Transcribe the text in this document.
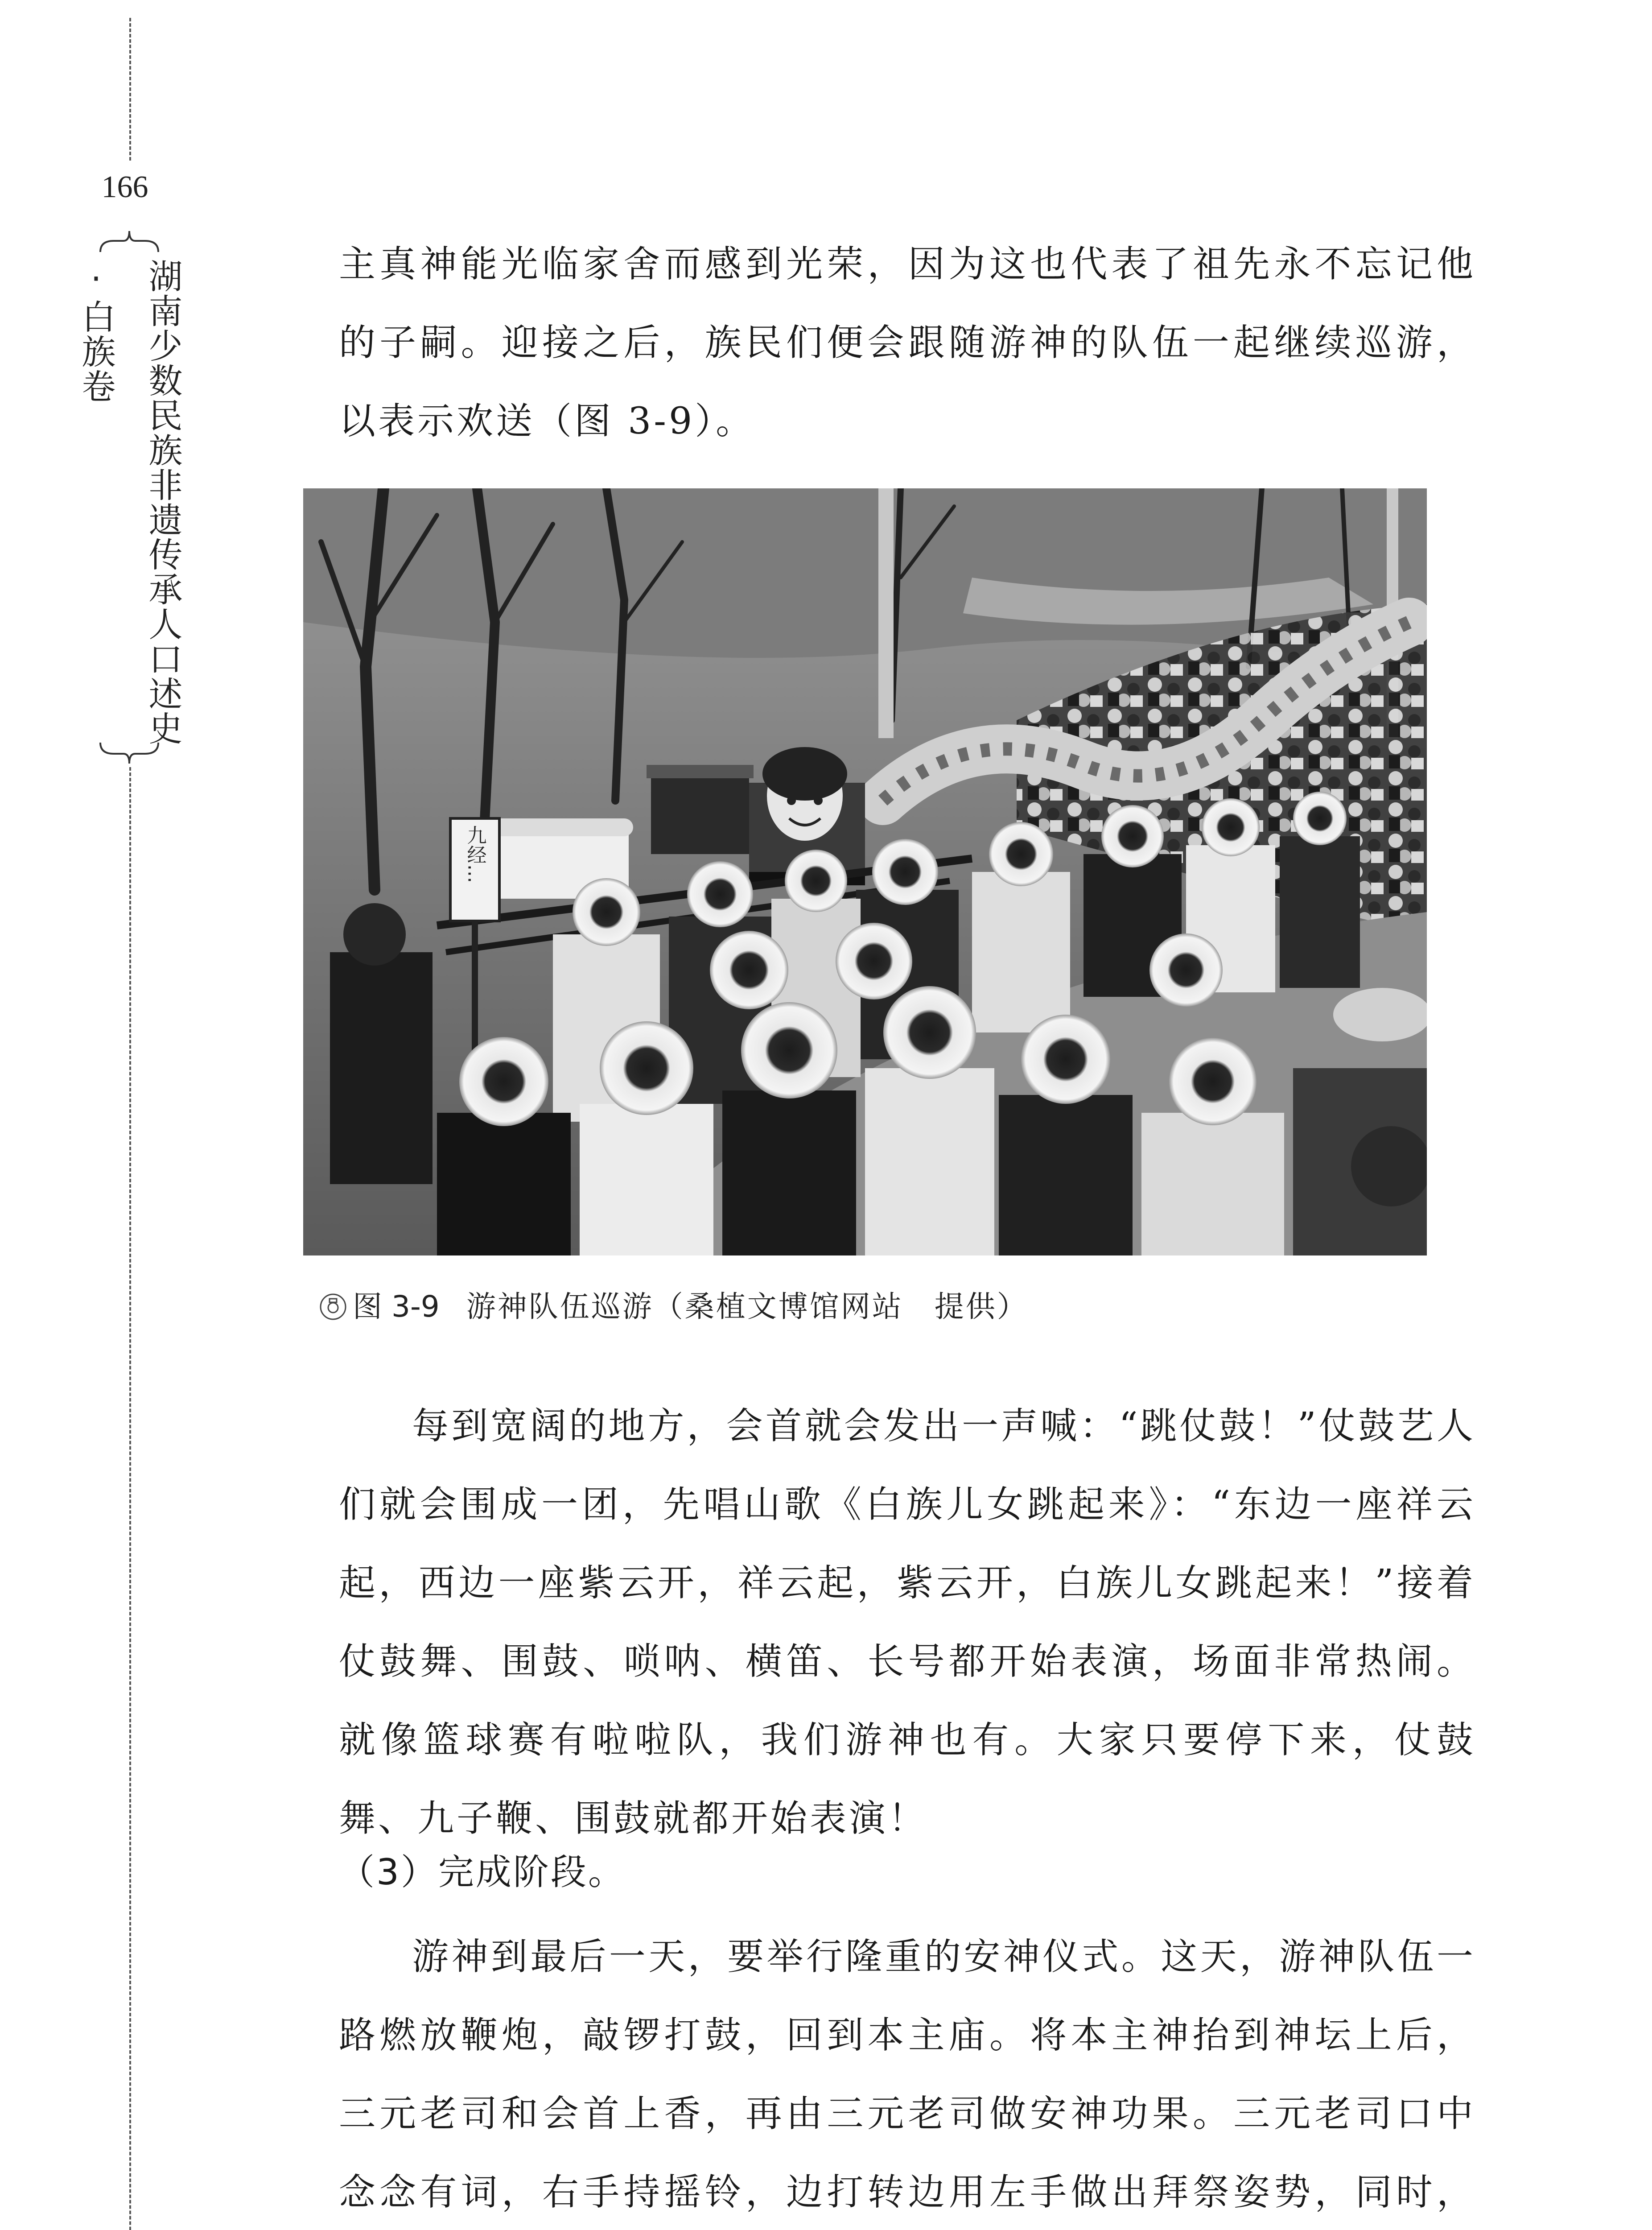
166
湖南少数民族非遗传承人口述史·白族卷	主真神能光临家舍而感到光荣，因为这也代表了祖先永不忘记他的子嗣。迎接之后，族民们便会跟随游神的队伍一起继续巡游，以表示欢送（图 3-9）。

九经...
图 3-9 游神队伍巡游（桑植文博馆网站　提供）

每到宽阔的地方，会首就会发出一声喊：“跳仗鼓！”仗鼓艺人们就会围成一团，先唱山歌《白族儿女跳起来》：“东边一座祥云起，西边一座紫云开，祥云起，紫云开，白族儿女跳起来！”接着仗鼓舞、围鼓、唢呐、横笛、长号都开始表演，场面非常热闹。就像篮球赛有啦啦队，我们游神也有。大家只要停下来，仗鼓舞、九子鞭、围鼓就都开始表演！

（3）完成阶段。

游神到最后一天，要举行隆重的安神仪式。这天，游神队伍一路燃放鞭炮，敲锣打鼓，回到本主庙。将本主神抬到神坛上后，三元老司和会首上香，再由三元老司做安神功果。三元老司口中念念有词，右手持摇铃，边打转边用左手做出拜祭姿势，同时，
